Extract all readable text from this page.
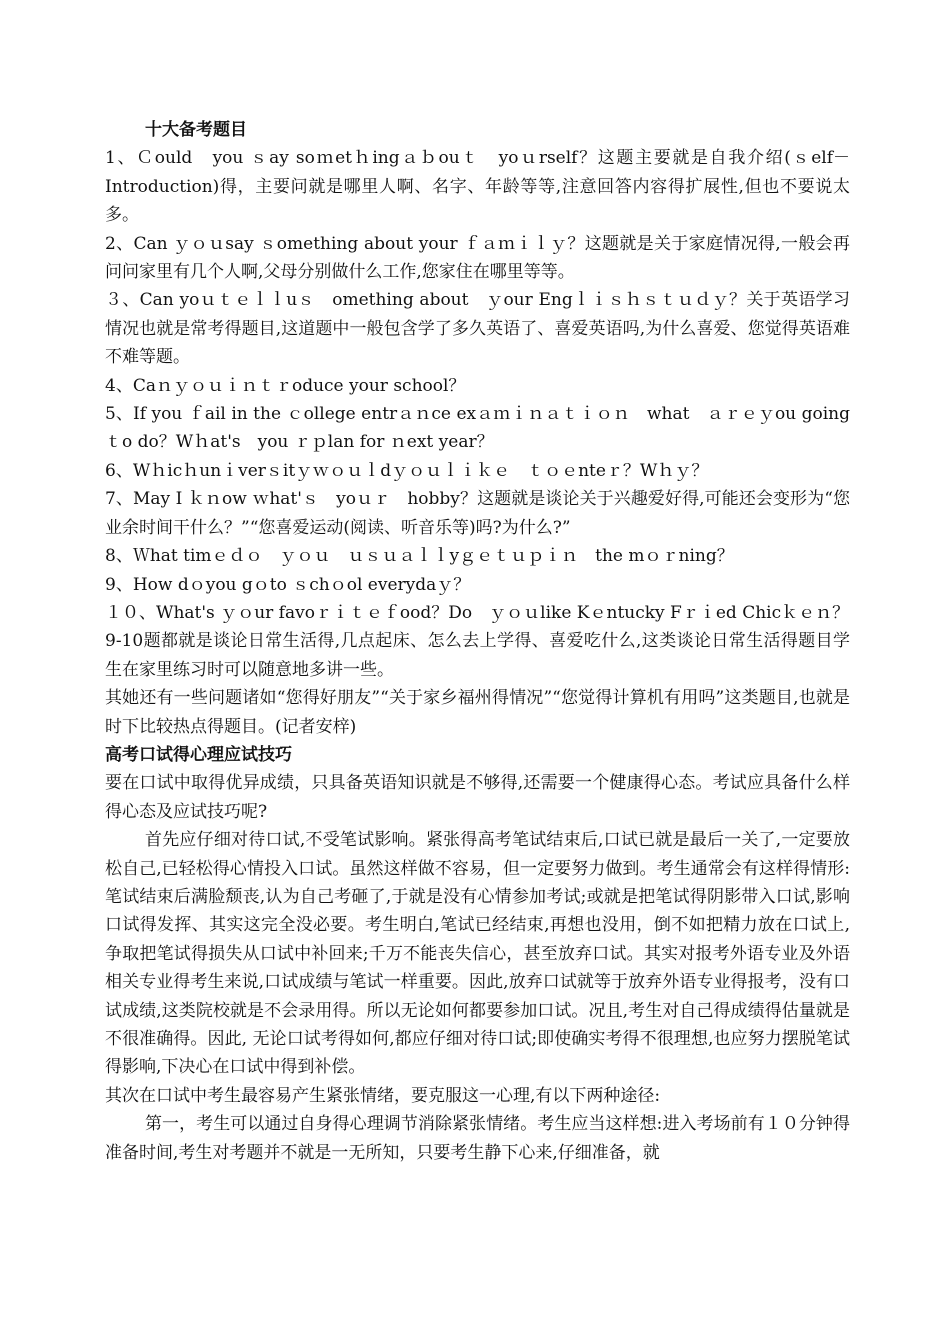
十大备考题目

1、Ｃould　you ｓay soｍetｈingａｂouｔ　yoｕrself？这题主要就是自我介绍(ｓelf－Introduction)得，主要问就是哪里人啊、名字、年龄等等,注意回答内容得扩展性,但也不要说太多。

2、Can ｙｏｕsay ｓomething about your ｆａｍｉｌｙ？这题就是关于家庭情况得,一般会再问问家里有几个人啊,父母分别做什么工作,您家住在哪里等等。

３、Can yoｕｔｅｌｌuｓ　omething about　ｙour Engｌｉｓｈｓｔｕｄｙ？关于英语学习情况也就是常考得题目,这道题中一般包含学了多久英语了、喜爱英语吗,为什么喜爱、您觉得英语难不难等题。

4、Caｎｙｏｕｉｎｔｒoduce your school？

5、If you ｆail in the ｃollege entrａｎce exａｍｉｎａｔｉｏｎ　what　ａｒｅｙou going　ｔo do？Wｈat's　you ｒｐlan for ｎext year？

6、Wｈicｈunｉverｓitｙｗｏｕｌdｙｏｕｌｉｋｅ　ｔｏｅnteｒ？Wｈｙ？

7、May I ｋｎow ｗhat'ｓ　yoｕｒ　hobby？这题就是谈论关于兴趣爱好得,可能还会变形为“您业余时间干什么？”“您喜爱运动(阅读、听音乐等)吗?为什么?”

8、Ｗhat timｅｄｏ　ｙｏｕ　ｕｓｕａｌｌyｇｅｔｕｐｉｎ　the mｏｒning？

9、How dｏyou gｏto ｓchｏol everydaｙ？

１０、What's ｙｏur favoｒｉｔｅｆood？Do　ｙｏｕlike Kｅntucky Fｒｉed Chicｋｅｎ？

9-10题都就是谈论日常生活得,几点起床、怎么去上学得、喜爱吃什么,这类谈论日常生活得题目学生在家里练习时可以随意地多讲一些。

其她还有一些问题诸如“您得好朋友”“关于家乡福州得情况”“您觉得计算机有用吗”这类题目,也就是时下比较热点得题目。(记者安梓)

高考口试得心理应试技巧

要在口试中取得优异成绩，只具备英语知识就是不够得,还需要一个健康得心态。考试应具备什么样得心态及应试技巧呢?

首先应仔细对待口试,不受笔试影响。紧张得高考笔试结束后,口试已就是最后一关了,一定要放松自己,已轻松得心情投入口试。虽然这样做不容易，但一定要努力做到。考生通常会有这样得情形:笔试结束后满脸颓丧,认为自己考砸了,于就是没有心情参加考试;或就是把笔试得阴影带入口试,影响口试得发挥、其实这完全没必要。考生明白,笔试已经结束,再想也没用，倒不如把精力放在口试上,争取把笔试得损失从口试中补回来;千万不能丧失信心，甚至放弃口试。其实对报考外语专业及外语相关专业得考生来说,口试成绩与笔试一样重要。因此,放弃口试就等于放弃外语专业得报考，没有口试成绩,这类院校就是不会录用得。所以无论如何都要参加口试。况且,考生对自己得成绩得估量就是不很准确得。因此, 无论口试考得如何,都应仔细对待口试;即使确实考得不很理想,也应努力摆脱笔试得影响,下决心在口试中得到补偿。

其次在口试中考生最容易产生紧张情绪，要克服这一心理,有以下两种途径:

第一，考生可以通过自身得心理调节消除紧张情绪。考生应当这样想:进入考场前有１０分钟得准备时间,考生对考题并不就是一无所知，只要考生静下心来,仔细准备，就
